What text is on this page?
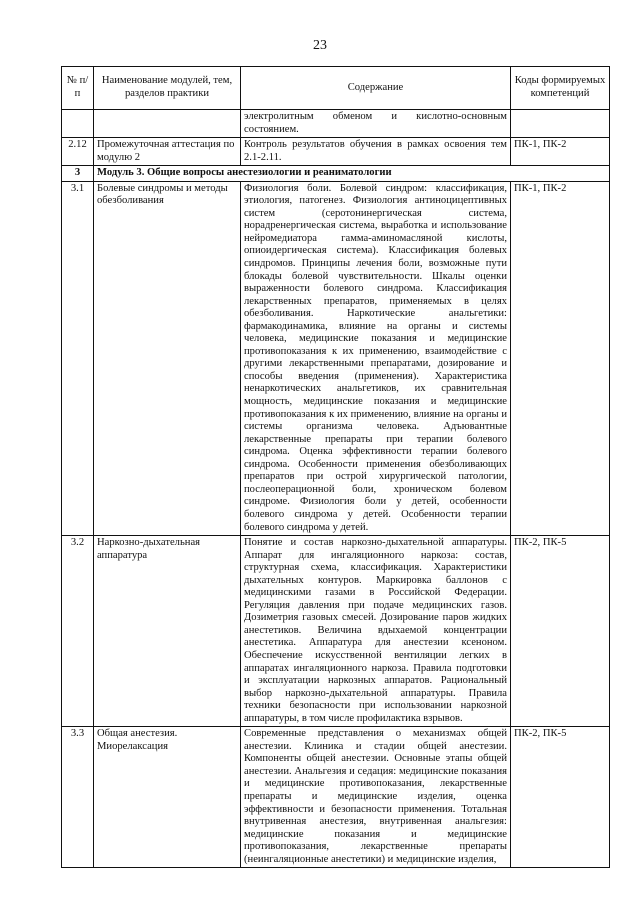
23
№ п/п	Наименование модулей, тем, разделов практики	Содержание	Коды формируемых компетенций
		электролитным обменом и кислотно-основным состоянием.	
2.12	Промежуточная аттестация по модулю 2	Контроль результатов обучения в рамках освоения тем 2.1-2.11.	ПК-1, ПК-2
3	Модуль 3. Общие вопросы анестезиологии и реаниматологии		
3.1	Болевые синдромы и методы обезболивания	Физиология боли. Болевой синдром: классификация, этиология, патогенез. Физиология антиноцицептивных систем (серотонинергическая система, норадренергическая система, выработка и использование нейромедиатора гамма-аминомасляной кислоты, опиоидергическая система). Классификация болевых синдромов. Принципы лечения боли, возможные пути блокады болевой чувствительности. Шкалы оценки выраженности болевого синдрома. Классификация лекарственных препаратов, применяемых в целях обезболивания. Наркотические анальгетики: фармакодинамика, влияние на органы и системы человека, медицинские показания и медицинские противопоказания к их применению, взаимодействие с другими лекарственными препаратами, дозирование и способы введения (применения). Характеристика ненаркотических анальгетиков, их сравнительная мощность, медицинские показания и медицинские противопоказания к их применению, влияние на органы и системы организма человека. Адъювантные лекарственные препараты при терапии болевого синдрома. Оценка эффективности терапии болевого синдрома. Особенности применения обезболивающих препаратов при острой хирургической патологии, послеоперационной боли, хроническом болевом синдроме. Физиология боли у детей, особенности болевого синдрома у детей. Особенности терапии болевого синдрома у детей.	ПК-1, ПК-2
3.2	Наркозно-дыхательная аппаратура	Понятие и состав наркозно-дыхательной аппаратуры. Аппарат для ингаляционного наркоза: состав, структурная схема, классификация. Характеристики дыхательных контуров. Маркировка баллонов с медицинскими газами в Российской Федерации. Регуляция давления при подаче медицинских газов. Дозиметрия газовых смесей. Дозирование паров жидких анестетиков. Величина вдыхаемой концентрации анестетика. Аппаратура для анестезии ксеноном. Обеспечение искусственной вентиляции легких в аппаратах ингаляционного наркоза. Правила подготовки и эксплуатации наркозных аппаратов. Рациональный выбор наркозно-дыхательной аппаратуры. Правила техники безопасности при использовании наркозной аппаратуры, в том числе профилактика взрывов.	ПК-2, ПК-5
3.3	Общая анестезия. Миорелаксация	Современные представления о механизмах общей анестезии. Клиника и стадии общей анестезии. Компоненты общей анестезии. Основные этапы общей анестезии. Анальгезия и седация: медицинские показания и медицинские противопоказания, лекарственные препараты и медицинские изделия, оценка эффективности и безопасности применения. Тотальная внутривенная анестезия, внутривенная анальгезия: медицинские показания и медицинские противопоказания, лекарственные препараты (неингаляционные анестетики) и медицинские изделия,	ПК-2, ПК-5
